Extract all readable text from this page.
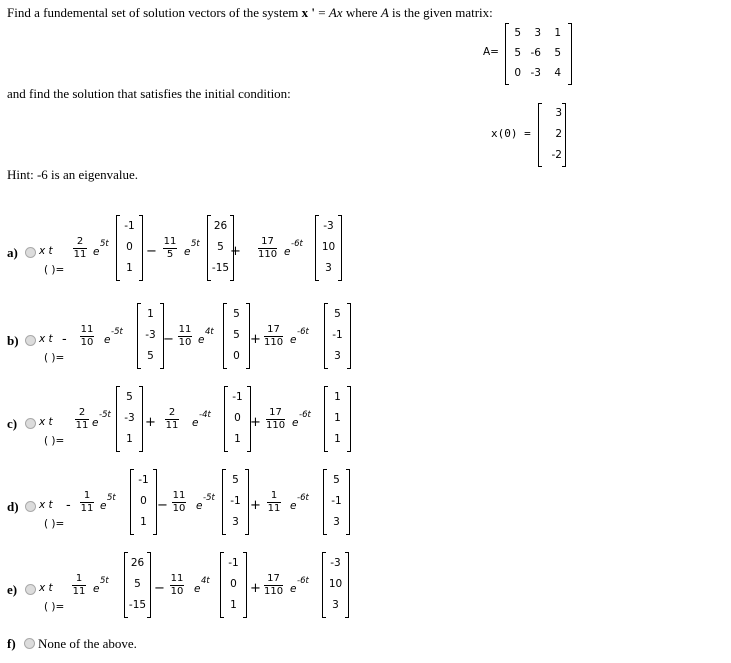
Find a fundemental set of solution vectors of the system x ' = Ax where A is the given matrix:
A=
5	3	1
5 -6	5
0 -3	4
and find the solution that satisfies the initial condition:
x(0) =
3
2
-2
Hint: -6 is an eigenvalue.
a) x t
( )=
2
11 e
5t
-1
0
1
−
11
5	e
5t
26
5
-15
+
17
110 e
-6t
-3
10
3
b) x t
( )=
-
11
10 e
-5t
1
-3
5
−
11
10 e
4t
5
5
0
+
17
110 e
-6t
5
-1
3
c) x t
( )=
2
11 e
-5t
5
-3
1
+
2
11 e
-4t
-1
0
1
+
17
110 e
-6t
1
1
1
d) x t
( )=
-
1
11 e
5t
-1
0
1
−
11
10 e
-5t
5
-1
3
+
1
11 e
-6t
5
-1
3
e) x t
( )=
1
11 e
5t
26
5
-15
−
11
10 e
4t
-1
0
1
+
17
110 e
-6t
-3
10
3
f) None of the above.
